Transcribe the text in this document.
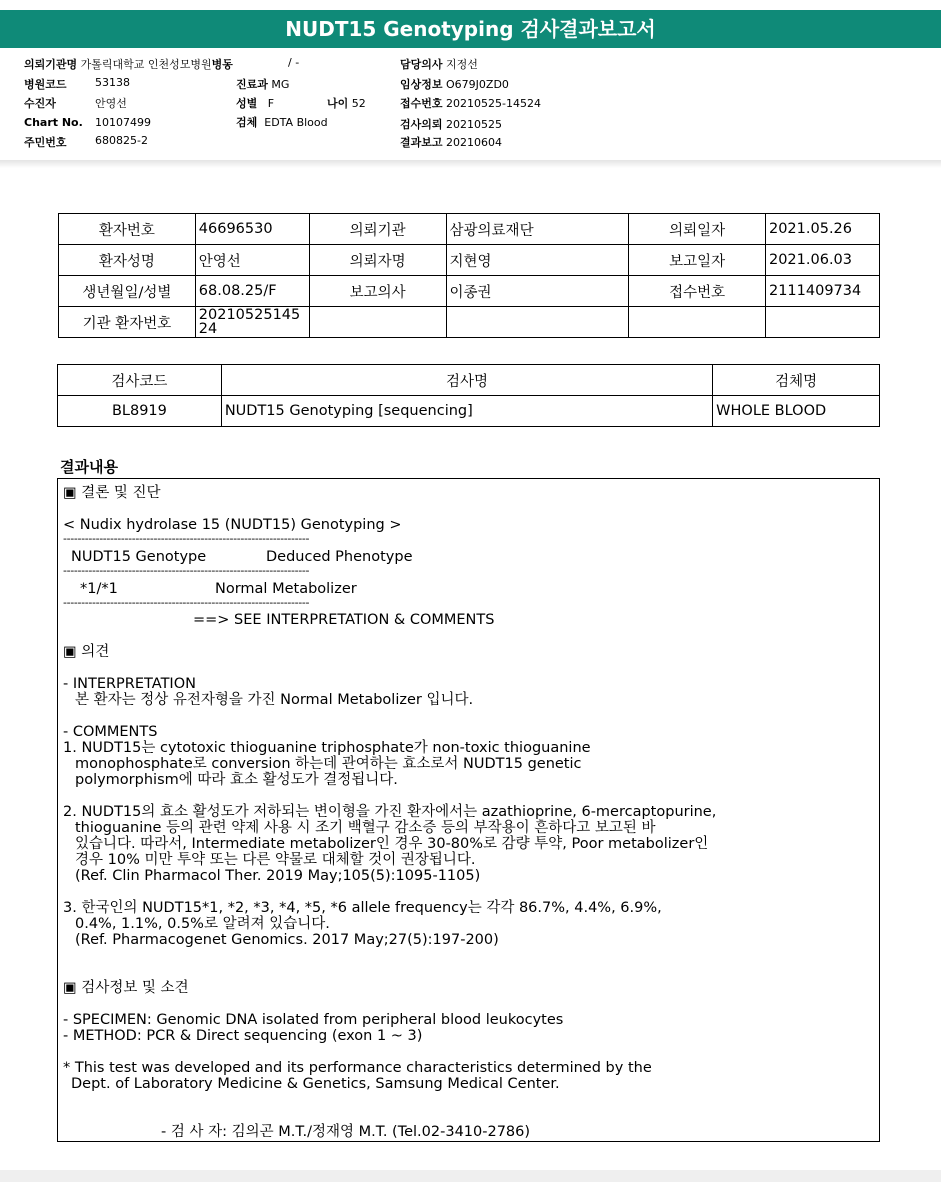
NUDT15 Genotyping 검사결과보고서
의뢰기관명 가톨릭대학교 인천성모병원병동	/ -	담당의사 지정선
병원코드	53138	진료과 MG	임상정보 O679J0ZD0
수진자	안영선	성별 F	나이 52	접수번호 20210525-14524
Chart No. 10107499	검체 EDTA Blood	검사의뢰 20210525
주민번호	680825-2	결과보고 20210604
환자번호	46696530	의뢰기관	삼광의료재단	의뢰일자	2021.05.26
환자성명	안영선	의뢰자명	지현영	보고일자	2021.06.03
생년월일/성별	68.08.25/F	보고의사	이종권	접수번호	2111409734
기관 환자번호	20210525145
24				
검사코드	검사명	검체명
BL8919	NUDT15 Genotyping [sequencing]	WHOLE BLOOD
결과내용
▣ 결론 및 진단
< Nudix hydrolase 15 (NUDT15) Genotyping >
--------------------------------------------------------------------
NUDT15 Genotype	Deduced Phenotype
--------------------------------------------------------------------
*1/*1	Normal Metabolizer
--------------------------------------------------------------------
==> SEE INTERPRETATION & COMMENTS
▣ 의견
- INTERPRETATION
본 환자는 정상 유전자형을 가진 Normal Metabolizer 입니다.
- COMMENTS
1. NUDT15는 cytotoxic thioguanine triphosphate가 non-toxic thioguanine
monophosphate로 conversion 하는데 관여하는 효소로서 NUDT15 genetic
polymorphism에 따라 효소 활성도가 결정됩니다.
2. NUDT15의 효소 활성도가 저하되는 변이형을 가진 환자에서는 azathioprine, 6-mercaptopurine,
thioguanine 등의 관련 약제 사용 시 조기 백혈구 감소증 등의 부작용이 흔하다고 보고된 바
있습니다. 따라서, Intermediate metabolizer인 경우 30-80%로 감량 투약, Poor metabolizer인
경우 10% 미만 투약 또는 다른 약물로 대체할 것이 권장됩니다.
(Ref. Clin Pharmacol Ther. 2019 May;105(5):1095-1105)
3. 한국인의 NUDT15*1, *2, *3, *4, *5, *6 allele frequency는 각각 86.7%, 4.4%, 6.9%,
0.4%, 1.1%, 0.5%로 알려져 있습니다.
(Ref. Pharmacogenet Genomics. 2017 May;27(5):197-200)
▣ 검사정보 및 소견
- SPECIMEN: Genomic DNA isolated from peripheral blood leukocytes
- METHOD: PCR & Direct sequencing (exon 1 ~ 3)
* This test was developed and its performance characteristics determined by the
Dept. of Laboratory Medicine & Genetics, Samsung Medical Center.
- 검 사 자: 김의곤 M.T./정재영 M.T. (Tel.02-3410-2786)
